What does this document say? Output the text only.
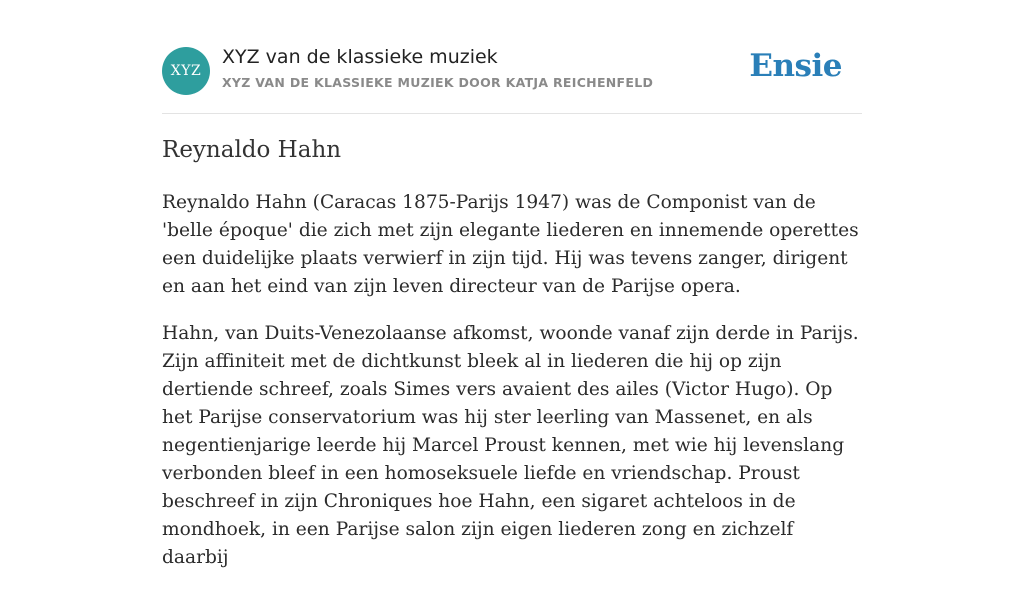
XYZ
XYZ van de klassieke muziek
XYZ VAN DE KLASSIEKE MUZIEK DOOR KATJA REICHENFELD	Ensie
Reynaldo Hahn

Reynaldo Hahn (Caracas 1875-Parijs 1947) was de Componist van de 'belle époque' die zich met zijn elegante liederen en innemende operettes een duidelijke plaats verwierf in zijn tijd. Hij was tevens zanger, dirigent en aan het eind van zijn leven directeur van de Parijse opera.

Hahn, van Duits-Venezolaanse afkomst, woonde vanaf zijn derde in Parijs. Zijn affiniteit met de dichtkunst bleek al in liederen die hij op zijn dertiende schreef, zoals Simes vers avaient des ailes (Victor Hugo). Op het Parijse conservatorium was hij ster leerling van Massenet, en als negentienjarige leerde hij Marcel Proust kennen, met wie hij levenslang verbonden bleef in een homoseksuele liefde en vriendschap. Proust beschreef in zijn Chroniques hoe Hahn, een sigaret achteloos in de mondhoek, in een Parijse salon zijn eigen liederen zong en zichzelf daarbij
